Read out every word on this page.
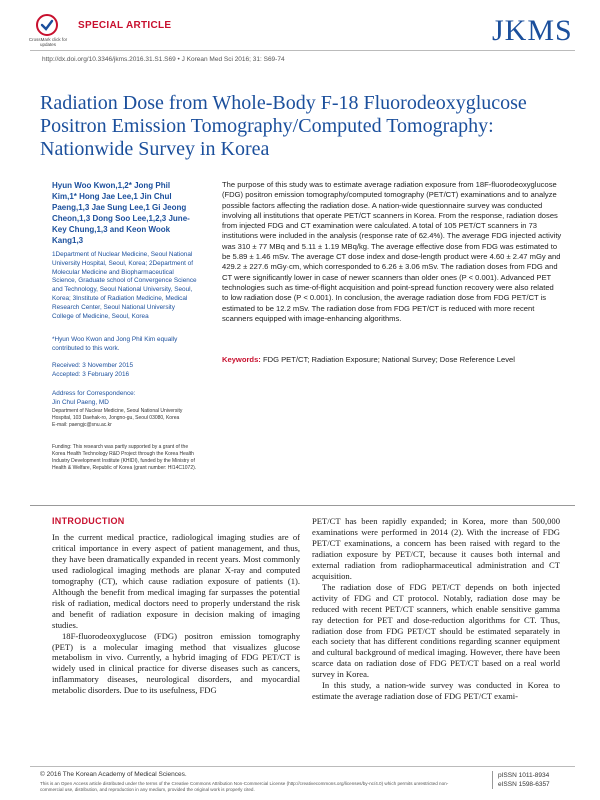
CrossMark click for updates
SPECIAL ARTICLE	JKMS
http://dx.doi.org/10.3346/jkms.2016.31.S1.S69 • J Korean Med Sci 2016; 31: S69-74
Radiation Dose from Whole-Body F-18 Fluorodeoxyglucose Positron Emission Tomography/Computed Tomography: Nationwide Survey in Korea
Hyun Woo Kwon,1,2* Jong Phil Kim,1* Hong Jae Lee,1 Jin Chul Paeng,1,3 Jae Sung Lee,1 Gi Jeong Cheon,1,3 Dong Soo Lee,1,2,3 June-Key Chung,1,3 and Keon Wook Kang1,3
1Department of Nuclear Medicine, Seoul National University Hospital, Seoul, Korea; 2Department of Molecular Medicine and Biopharmaceutical Science, Graduate school of Convergence Science and Technology, Seoul National University, Seoul, Korea; 3Institute of Radiation Medicine, Medical Research Center, Seoul National University College of Medicine, Seoul, Korea
*Hyun Woo Kwon and Jong Phil Kim equally contributed to this work.
Received: 3 November 2015
Accepted: 3 February 2016
Address for Correspondence:
Jin Chul Paeng, MD
Department of Nuclear Medicine, Seoul National University Hospital, 103 Daehak-ro, Jongno-gu, Seoul 03080, Korea
E-mail: paengjc@snu.ac.kr
Funding: This research was partly supported by a grant of the Korea Health Technology R&D Project through the Korea Health Industry Development Institute (KHIDI), funded by the Ministry of Health & Welfare, Republic of Korea (grant number: HI14C1072).
The purpose of this study was to estimate average radiation exposure from 18F-fluorodeoxyglucose (FDG) positron emission tomography/computed tomography (PET/CT) examinations and to analyze possible factors affecting the radiation dose. A nation-wide questionnaire survey was conducted involving all institutions that operate PET/CT scanners in Korea. From the response, radiation doses from injected FDG and CT examination were calculated. A total of 105 PET/CT scanners in 73 institutions were included in the analysis (response rate of 62.4%). The average FDG injected activity was 310 ± 77 MBq and 5.11 ± 1.19 MBq/kg. The average effective dose from FDG was estimated to be 5.89 ± 1.46 mSv. The average CT dose index and dose-length product were 4.60 ± 2.47 mGy and 429.2 ± 227.6 mGy·cm, which corresponded to 6.26 ± 3.06 mSv. The radiation doses from FDG and CT were significantly lower in case of newer scanners than older ones (P < 0.001). Advanced PET technologies such as time-of-flight acquisition and point-spread function recovery were also related to low radiation dose (P < 0.001). In conclusion, the average radiation dose from FDG PET/CT is estimated to be 12.2 mSv. The radiation dose from FDG PET/CT is reduced with more recent scanners equipped with image-enhancing algorithms.
Keywords: FDG PET/CT; Radiation Exposure; National Survey; Dose Reference Level
INTRODUCTION

In the current medical practice, radiological imaging studies are of critical importance in every aspect of patient management, and thus, they have been dramatically expanded in recent years. Most commonly used radiological imaging methods are planar X-ray and computed tomography (CT), which cause radiation exposure of patients (1). Although the benefit from medical imaging far surpasses the potential risk of radiation, medical doctors need to properly understand the risk and benefit of radiation exposure in decision making of imaging studies.

18F-fluorodeoxyglucose (FDG) positron emission tomography (PET) is a molecular imaging method that visualizes glucose metabolism in vivo. Currently, a hybrid imaging of FDG PET/CT is widely used in clinical practice for diverse diseases such as cancers, inflammatory diseases, neurological disorders, and myocardial metabolic disorders. Due to its usefulness, FDG

PET/CT has been rapidly expanded; in Korea, more than 500,000 examinations were performed in 2014 (2). With the increase of FDG PET/CT examinations, a concern has been raised with regard to the radiation exposure by PET/CT, because it causes both internal and external radiation from radiopharmaceutical administration and CT acquisition.

The radiation dose of FDG PET/CT depends on both injected activity of FDG and CT protocol. Notably, radiation dose may be reduced with recent PET/CT scanners, which enable sensitive gamma ray detection for PET and dose-reduction algorithms for CT. Thus, radiation dose from FDG PET/CT should be estimated separately in each society that has different conditions regarding scanner equipment and cultural background of medical imaging. However, there have been scarce data on radiation dose of FDG PET/CT based on a real world survey in Korea.

In this study, a nation-wide survey was conducted in Korea to estimate the average radiation dose of FDG PET/CT exami-

© 2016 The Korean Academy of Medical Sciences.
This is an Open Access article distributed under the terms of the Creative Commons Attribution Non-Commercial License (http://creativecommons.org/licenses/by-nc/4.0) which permits unrestricted non-commercial use, distribution, and reproduction in any medium, provided the original work is properly cited.
pISSN 1011-8934
eISSN 1598-6357
